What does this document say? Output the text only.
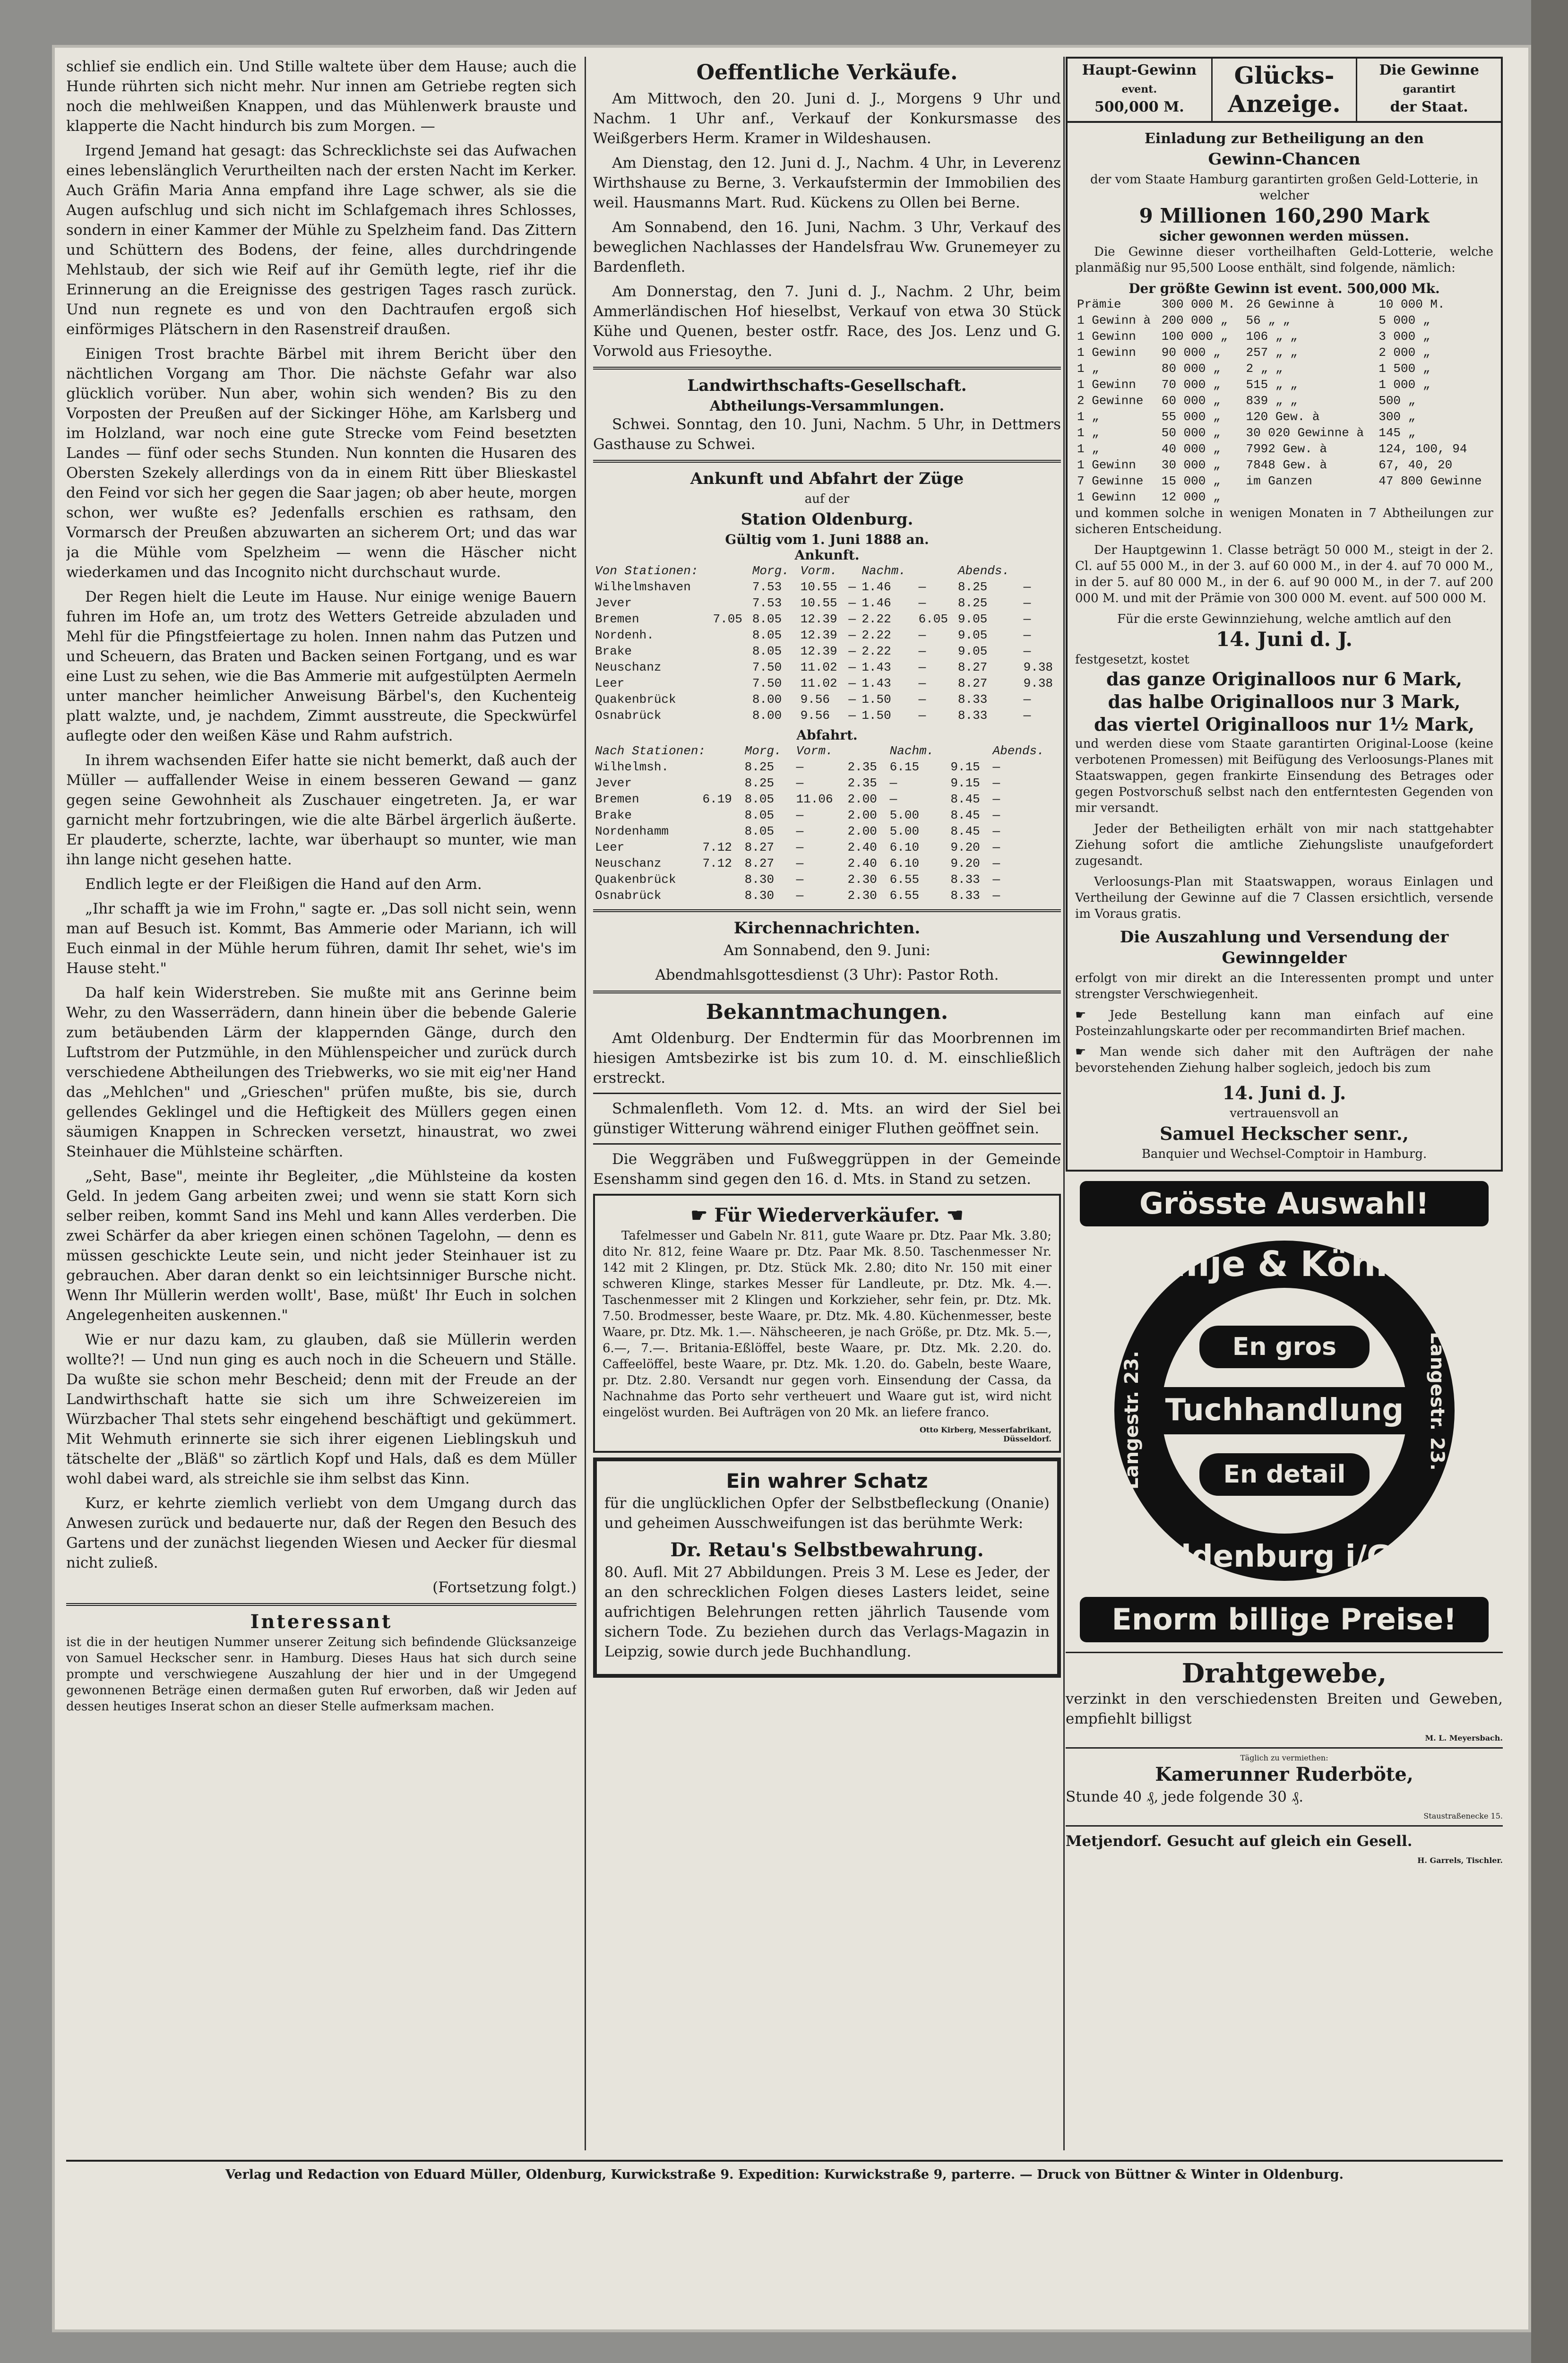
schlief sie endlich ein. Und Stille waltete über dem Hause; auch die Hunde rührten sich nicht mehr. Nur innen am Getriebe regten sich noch die mehlweißen Knappen, und das Mühlenwerk brauste und klapperte die Nacht hindurch bis zum Morgen. —

Irgend Jemand hat gesagt: das Schrecklichste sei das Aufwachen eines lebenslänglich Verurtheilten nach der ersten Nacht im Kerker. Auch Gräfin Maria Anna empfand ihre Lage schwer, als sie die Augen aufschlug und sich nicht im Schlafgemach ihres Schlosses, sondern in einer Kammer der Mühle zu Spelzheim fand. Das Zittern und Schüttern des Bodens, der feine, alles durchdringende Mehlstaub, der sich wie Reif auf ihr Gemüth legte, rief ihr die Erinnerung an die Ereignisse des gestrigen Tages rasch zurück. Und nun regnete es und von den Dachtraufen ergoß sich einförmiges Plätschern in den Rasenstreif draußen.

Einigen Trost brachte Bärbel mit ihrem Bericht über den nächtlichen Vorgang am Thor. Die nächste Gefahr war also glücklich vorüber. Nun aber, wohin sich wenden? Bis zu den Vorposten der Preußen auf der Sickinger Höhe, am Karlsberg und im Holzland, war noch eine gute Strecke vom Feind besetzten Landes — fünf oder sechs Stunden. Nun konnten die Husaren des Obersten Szekely allerdings von da in einem Ritt über Blieskastel den Feind vor sich her gegen die Saar jagen; ob aber heute, morgen schon, wer wußte es? Jedenfalls erschien es rathsam, den Vormarsch der Preußen abzuwarten an sicherem Ort; und das war ja die Mühle vom Spelzheim — wenn die Häscher nicht wiederkamen und das Incognito nicht durchschaut wurde.

Der Regen hielt die Leute im Hause. Nur einige wenige Bauern fuhren im Hofe an, um trotz des Wetters Getreide abzuladen und Mehl für die Pfingstfeiertage zu holen. Innen nahm das Putzen und und Scheuern, das Braten und Backen seinen Fortgang, und es war eine Lust zu sehen, wie die Bas Ammerie mit aufgestülpten Aermeln unter mancher heimlicher Anweisung Bärbel's, den Kuchenteig platt walzte, und, je nachdem, Zimmt ausstreute, die Speckwürfel auflegte oder den weißen Käse und Rahm aufstrich.

In ihrem wachsenden Eifer hatte sie nicht bemerkt, daß auch der Müller — auffallender Weise in einem besseren Gewand — ganz gegen seine Gewohnheit als Zuschauer eingetreten. Ja, er war garnicht mehr fortzubringen, wie die alte Bärbel ärgerlich äußerte. Er plauderte, scherzte, lachte, war überhaupt so munter, wie man ihn lange nicht gesehen hatte.

Endlich legte er der Fleißigen die Hand auf den Arm.

„Ihr schafft ja wie im Frohn," sagte er. „Das soll nicht sein, wenn man auf Besuch ist. Kommt, Bas Ammerie oder Mariann, ich will Euch einmal in der Mühle herum führen, damit Ihr sehet, wie's im Hause steht."

Da half kein Widerstreben. Sie mußte mit ans Gerinne beim Wehr, zu den Wasserrädern, dann hinein über die bebende Galerie zum betäubenden Lärm der klappernden Gänge, durch den Luftstrom der Putzmühle, in den Mühlenspeicher und zurück durch verschiedene Abtheilungen des Triebwerks, wo sie mit eig'ner Hand das „Mehlchen" und „Grieschen" prüfen mußte, bis sie, durch gellendes Geklingel und die Heftigkeit des Müllers gegen einen säumigen Knappen in Schrecken versetzt, hinaustrat, wo zwei Steinhauer die Mühlsteine schärften.

„Seht, Base", meinte ihr Begleiter, „die Mühlsteine da kosten Geld. In jedem Gang arbeiten zwei; und wenn sie statt Korn sich selber reiben, kommt Sand ins Mehl und kann Alles verderben. Die zwei Schärfer da aber kriegen einen schönen Tagelohn, — denn es müssen geschickte Leute sein, und nicht jeder Steinhauer ist zu gebrauchen. Aber daran denkt so ein leichtsinniger Bursche nicht. Wenn Ihr Müllerin werden wollt', Base, müßt' Ihr Euch in solchen Angelegenheiten auskennen."

Wie er nur dazu kam, zu glauben, daß sie Müllerin werden wollte?! — Und nun ging es auch noch in die Scheuern und Ställe. Da wußte sie schon mehr Bescheid; denn mit der Freude an der Landwirthschaft hatte sie sich um ihre Schweizereien im Würzbacher Thal stets sehr eingehend beschäftigt und gekümmert. Mit Wehmuth erinnerte sie sich ihrer eigenen Lieblingskuh und tätschelte der „Bläß" so zärtlich Kopf und Hals, daß es dem Müller wohl dabei ward, als streichle sie ihm selbst das Kinn.

Kurz, er kehrte ziemlich verliebt von dem Umgang durch das Anwesen zurück und bedauerte nur, daß der Regen den Besuch des Gartens und der zunächst liegenden Wiesen und Aecker für diesmal nicht zuließ.

(Fortsetzung folgt.)

Interessant

ist die in der heutigen Nummer unserer Zeitung sich befindende Glücksanzeige von Samuel Heckscher senr. in Hamburg. Dieses Haus hat sich durch seine prompte und verschwiegene Auszahlung der hier und in der Umgegend gewonnenen Beträge einen dermaßen guten Ruf erworben, daß wir Jeden auf dessen heutiges Inserat schon an dieser Stelle aufmerksam machen.

Oeffentliche Verkäufe.

Am Mittwoch, den 20. Juni d. J., Morgens 9 Uhr und Nachm. 1 Uhr anf., Verkauf der Konkursmasse des Weißgerbers Herm. Kramer in Wildeshausen.

Am Dienstag, den 12. Juni d. J., Nachm. 4 Uhr, in Leverenz Wirthshause zu Berne, 3. Verkaufstermin der Immobilien des weil. Hausmanns Mart. Rud. Kückens zu Ollen bei Berne.

Am Sonnabend, den 16. Juni, Nachm. 3 Uhr, Verkauf des beweglichen Nachlasses der Handelsfrau Ww. Grunemeyer zu Bardenfleth.

Am Donnerstag, den 7. Juni d. J., Nachm. 2 Uhr, beim Ammerländischen Hof hieselbst, Verkauf von etwa 30 Stück Kühe und Quenen, bester ostfr. Race, des Jos. Lenz und G. Vorwold aus Friesoythe.

Landwirthschafts-Gesellschaft.
Abtheilungs-Versammlungen.

Schwei. Sonntag, den 10. Juni, Nachm. 5 Uhr, in Dettmers Gasthause zu Schwei.

Ankunft und Abfahrt der Züge
auf der
Station Oldenburg.
Gültig vom 1. Juni 1888 an.
Ankunft.
Von Stationen:		Morg.	Vorm.		Nachm.		Abends.	
Wilhelmshaven		7.53	10.55	—	1.46	—	8.25	—
Jever		7.53	10.55	—	1.46	—	8.25	—
Bremen	7.05	8.05	12.39	—	2.22	6.05	9.05	—
Nordenh.		8.05	12.39	—	2.22	—	9.05	—
Brake		8.05	12.39	—	2.22	—	9.05	—
Neuschanz		7.50	11.02	—	1.43	—	8.27	9.38
Leer		7.50	11.02	—	1.43	—	8.27	9.38
Quakenbrück		8.00	9.56	—	1.50	—	8.33	—
Osnabrück		8.00	9.56	—	1.50	—	8.33	—
Abfahrt.
Nach Stationen:		Morg.	Vorm.		Nachm.		Abends.
Wilhelmsh.		8.25	—	2.35	6.15	9.15	—
Jever		8.25	—	2.35	—	9.15	—
Bremen	6.19	8.05	11.06	2.00	—	8.45	—
Brake		8.05	—	2.00	5.00	8.45	—
Nordenhamm		8.05	—	2.00	5.00	8.45	—
Leer	7.12	8.27	—	2.40	6.10	9.20	—
Neuschanz	7.12	8.27	—	2.40	6.10	9.20	—
Quakenbrück		8.30	—	2.30	6.55	8.33	—
Osnabrück		8.30	—	2.30	6.55	8.33	—
Kirchennachrichten.

Am Sonnabend, den 9. Juni:

Abendmahlsgottesdienst (3 Uhr): Pastor Roth.

Bekanntmachungen.

Amt Oldenburg. Der Endtermin für das Moorbrennen im hiesigen Amtsbezirke ist bis zum 10. d. M. einschließlich erstreckt.

Schmalenfleth. Vom 12. d. Mts. an wird der Siel bei günstiger Witterung während einiger Fluthen geöffnet sein.

Die Weggräben und Fußweggrüppen in der Gemeinde Esenshamm sind gegen den 16. d. Mts. in Stand zu setzen.

☛ Für Wiederverkäufer. ☚

Tafelmesser und Gabeln Nr. 811, gute Waare pr. Dtz. Paar Mk. 3.80; dito Nr. 812, feine Waare pr. Dtz. Paar Mk. 8.50. Taschenmesser Nr. 142 mit 2 Klingen, pr. Dtz. Stück Mk. 2.80; dito Nr. 150 mit einer schweren Klinge, starkes Messer für Landleute, pr. Dtz. Mk. 4.—. Taschenmesser mit 2 Klingen und Korkzieher, sehr fein, pr. Dtz. Mk. 7.50. Brodmesser, beste Waare, pr. Dtz. Mk. 4.80. Küchenmesser, beste Waare, pr. Dtz. Mk. 1.—. Nähscheeren, je nach Größe, pr. Dtz. Mk. 5.—, 6.—, 7.—. Britania-Eßlöffel, beste Waare, pr. Dtz. Mk. 2.20. do. Caffeelöffel, beste Waare, pr. Dtz. Mk. 1.20. do. Gabeln, beste Waare, pr. Dtz. 2.80. Versandt nur gegen vorh. Einsendung der Cassa, da Nachnahme das Porto sehr vertheuert und Waare gut ist, wird nicht eingelöst wurden. Bei Aufträgen von 20 Mk. an liefere franco.

Otto Kirberg, Messerfabrikant,
Düsseldorf.
Ein wahrer Schatz

für die unglücklichen Opfer der Selbstbefleckung (Onanie) und geheimen Ausschweifungen ist das berühmte Werk:

Dr. Retau's Selbstbewahrung.

80. Aufl. Mit 27 Abbildungen. Preis 3 M. Lese es Jeder, der an den schrecklichen Folgen dieses Lasters leidet, seine aufrichtigen Belehrungen retten jährlich Tausende vom sichern Tode. Zu beziehen durch das Verlags-Magazin in Leipzig, sowie durch jede Buchhandlung.

Haupt-Gewinn
event.
500,000 M.
Glücks-Anzeige.
Die Gewinne
garantirt
der Staat.
Einladung zur Betheiligung an den
Gewinn-Chancen
der vom Staate Hamburg garantirten großen Geld-Lotterie, in welcher
9 Millionen 160,290 Mark
sicher gewonnen werden müssen.

Die Gewinne dieser vortheilhaften Geld-Lotterie, welche planmäßig nur 95,500 Loose enthält, sind folgende, nämlich:

Der größte Gewinn ist event. 500,000 Mk.
Prämie	300 000 M.	26 Gewinne à	10 000 M.
1 Gewinn à	200 000 „	56 „ „	5 000 „
1 Gewinn	100 000 „	106 „ „	3 000 „
1 Gewinn	90 000 „	257 „ „	2 000 „
1 „	80 000 „	2 „ „	1 500 „
1 Gewinn	70 000 „	515 „ „	1 000 „
2 Gewinne	60 000 „	839 „ „	500 „
1 „	55 000 „	120 Gew. à	300 „
1 „	50 000 „	30 020 Gewinne à	145 „
1 „	40 000 „	7992 Gew. à	124, 100, 94
1 Gewinn	30 000 „	7848 Gew. à	67, 40, 20
7 Gewinne	15 000 „	im Ganzen	47 800 Gewinne
1 Gewinn	12 000 „		

und kommen solche in wenigen Monaten in 7 Abtheilungen zur sicheren Entscheidung.

Der Hauptgewinn 1. Classe beträgt 50 000 M., steigt in der 2. Cl. auf 55 000 M., in der 3. auf 60 000 M., in der 4. auf 70 000 M., in der 5. auf 80 000 M., in der 6. auf 90 000 M., in der 7. auf 200 000 M. und mit der Prämie von 300 000 M. event. auf 500 000 M.

Für die erste Gewinnziehung, welche amtlich auf den
14. Juni d. J.
festgesetzt, kostet
das ganze Originalloos nur 6 Mark,
das halbe Originalloos nur 3 Mark,
das viertel Originalloos nur 1½ Mark,

und werden diese vom Staate garantirten Original-Loose (keine verbotenen Promessen) mit Beifügung des Verloosungs-Planes mit Staatswappen, gegen frankirte Einsendung des Betrages oder gegen Postvorschuß selbst nach den entferntesten Gegenden von mir versandt.

Jeder der Betheiligten erhält von mir nach stattgehabter Ziehung sofort die amtliche Ziehungsliste unaufgefordert zugesandt.

Verloosungs-Plan mit Staatswappen, woraus Einlagen und Vertheilung der Gewinne auf die 7 Classen ersichtlich, versende im Voraus gratis.

Die Auszahlung und Versendung der Gewinngelder

erfolgt von mir direkt an die Interessenten prompt und unter strengster Verschwiegenheit.

☛ Jede Bestellung kann man einfach auf eine Posteinzahlungskarte oder per recommandirten Brief machen.

☛ Man wende sich daher mit den Aufträgen der nahe bevorstehenden Ziehung halber sogleich, jedoch bis zum

14. Juni d. J.
vertrauensvoll an
Samuel Heckscher senr.,
Banquier und Wechsel-Comptoir in Hamburg.
Grösste Auswahl!
Hillje & Köhne
Oldenburg i/Gr.
Langestr. 23.	Langestr. 23.
En gros
Tuchhandlung
En detail
Enorm billige Preise!
Drahtgewebe,

verzinkt in den verschiedensten Breiten und Geweben, empfiehlt billigst

M. L. Meyersbach.
Täglich zu vermiethen:
Kamerunner Ruderböte,

Stunde 40 ₰, jede folgende 30 ₰.

Staustraßenecke 15.

Metjendorf. Gesucht auf gleich ein Gesell.

H. Garrels, Tischler.
Verlag und Redaction von Eduard Müller, Oldenburg, Kurwickstraße 9. Expedition: Kurwickstraße 9, parterre. — Druck von Büttner & Winter in Oldenburg.
